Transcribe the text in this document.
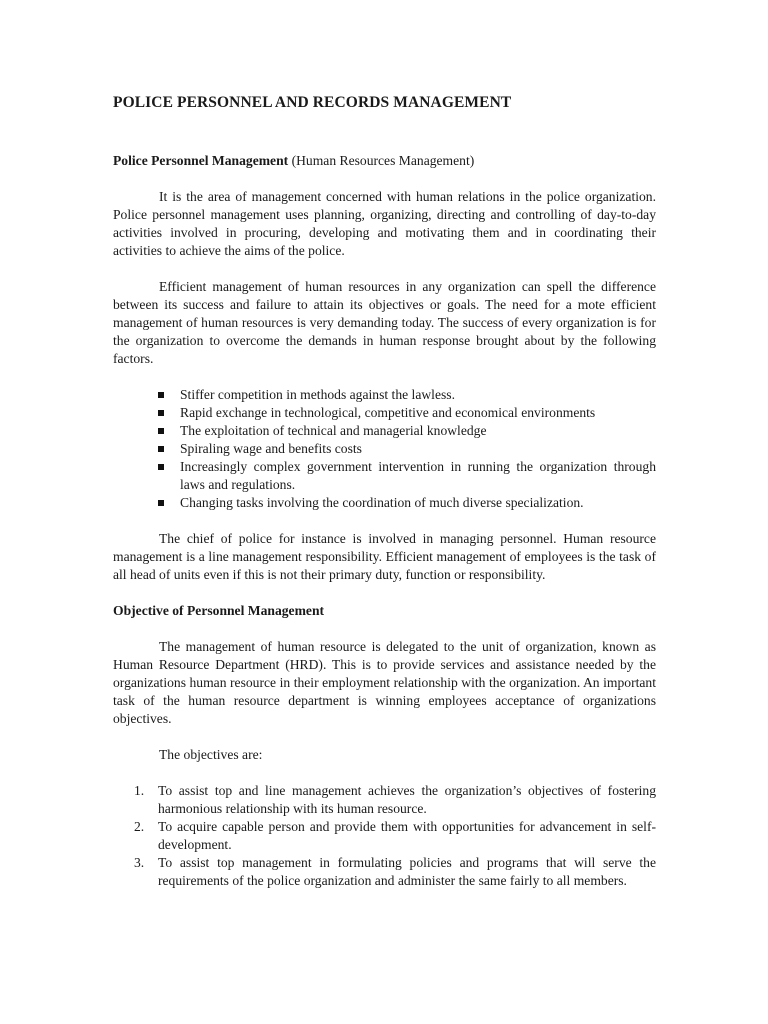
POLICE PERSONNEL AND RECORDS MANAGEMENT

Police Personnel Management (Human Resources Management)

It is the area of management concerned with human relations in the police organization. Police personnel management uses planning, organizing, directing and controlling of day-to-day activities involved in procuring, developing and motivating them and in coordinating their activities to achieve the aims of the police.

Efficient management of human resources in any organization can spell the difference between its success and failure to attain its objectives or goals. The need for a mote efficient management of human resources is very demanding today. The success of every organization is for the organization to overcome the demands in human response brought about by the following factors.

Stiffer competition in methods against the lawless.
Rapid exchange in technological, competitive and economical environments
The exploitation of technical and managerial knowledge
Spiraling wage and benefits costs
Increasingly complex government intervention in running the organization through laws and regulations.
Changing tasks involving the coordination of much diverse specialization.

The chief of police for instance is involved in managing personnel. Human resource management is a line management responsibility. Efficient management of employees is the task of all head of units even if this is not their primary duty, function or responsibility.

Objective of Personnel Management

The management of human resource is delegated to the unit of organization, known as Human Resource Department (HRD). This is to provide services and assistance needed by the organizations human resource in their employment relationship with the organization. An important task of the human resource department is winning employees acceptance of organizations objectives.

The objectives are:

1. To assist top and line management achieves the organization’s objectives of fostering harmonious relationship with its human resource.
2. To acquire capable person and provide them with opportunities for advancement in self-development.
3. To assist top management in formulating policies and programs that will serve the requirements of the police organization and administer the same fairly to all members.
